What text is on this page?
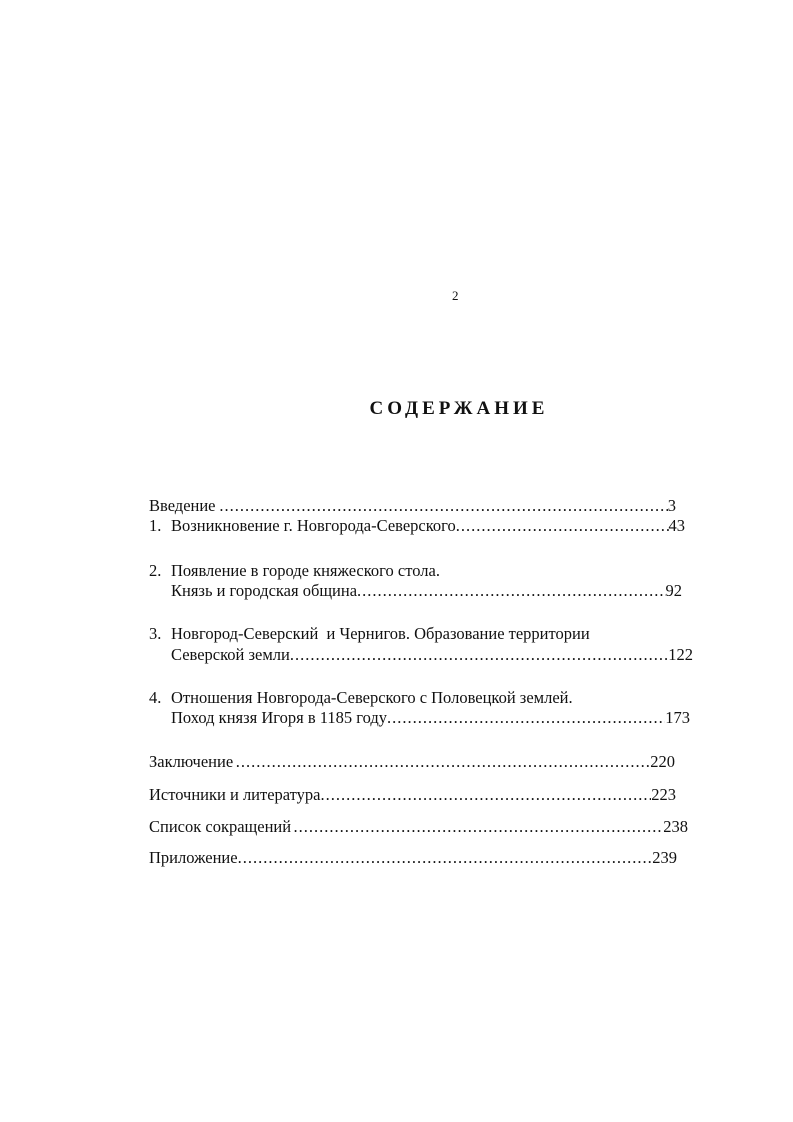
2
СОДЕРЖАНИЕ
Введение .....	3
1. Возникновение г. Новгорода-Северского .....	43
2. Появление в городе княжеского стола.
Князь и городская община .....	92
3. Новгород-Северский  и Чернигов. Образование территории
Северской земли .....	122
4. Отношения Новгорода-Северского с Половецкой землей.
Поход князя Игоря в 1185 году .....	173
Заключение .....	220
Источники и литература .....	223
Список сокращений .....	238
Приложение .....	239
